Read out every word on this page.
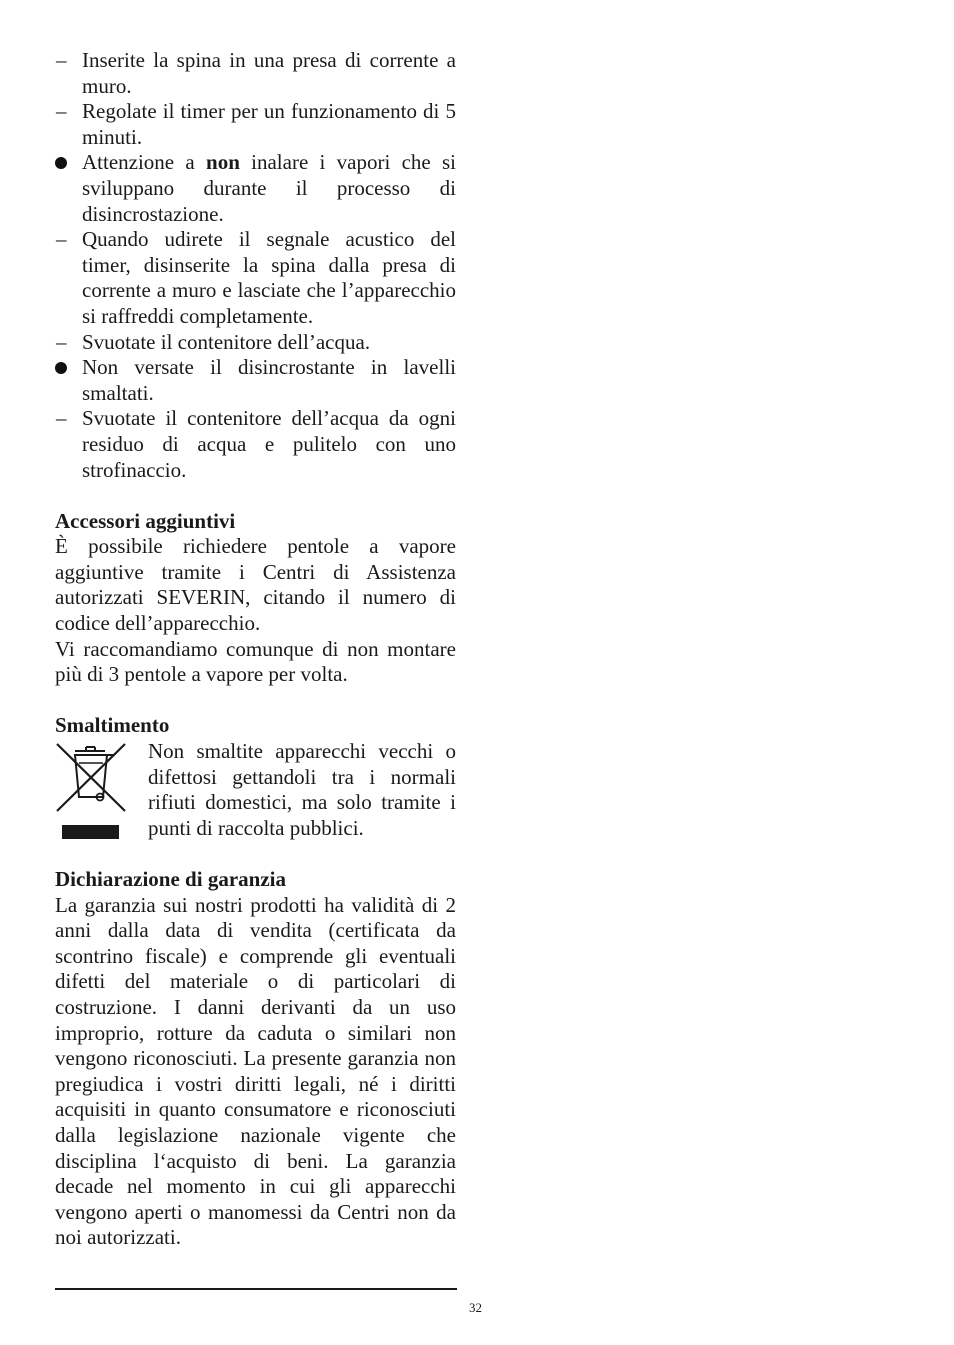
– Inserite la spina in una presa di corrente a muro.
– Regolate il timer per un funzionamento di 5 minuti.
Attenzione a non inalare i vapori che si sviluppano durante il processo di disincrostazione.
– Quando udirete il segnale acustico del timer, disinserite la spina dalla presa di corrente a muro e lasciate che l’apparecchio si raffreddi completamente.
– Svuotate il contenitore dell’acqua.
Non versate il disincrostante in lavelli smaltati.
– Svuotate il contenitore dell’acqua da ogni residuo di acqua e pulitelo con uno strofinaccio.
Accessori aggiuntivi
È possibile richiedere pentole a vapore aggiuntive tramite i Centri di Assistenza autorizzati SEVERIN, citando il numero di codice dell’apparecchio.
Vi raccomandiamo comunque di non montare più di 3 pentole a vapore per volta.
Smaltimento
Non smaltite apparecchi vecchi o difettosi gettandoli tra i normali rifiuti domestici, ma solo tramite i punti di raccolta pubblici.
Dichiarazione di garanzia
La garanzia sui nostri prodotti ha validità di 2 anni dalla data di vendita (certificata da scontrino fiscale) e comprende gli eventuali difetti del materiale o di particolari di costruzione. I danni derivanti da un uso improprio, rotture da caduta o similari non vengono riconosciuti. La presente garanzia non pregiudica i vostri diritti legali, né i diritti acquisiti in quanto consumatore e riconosciuti dalla legislazione nazionale vigente che disciplina l‘acquisto di beni. La garanzia decade nel momento in cui gli apparecchi vengono aperti o manomessi da Centri non da noi autorizzati.
32
